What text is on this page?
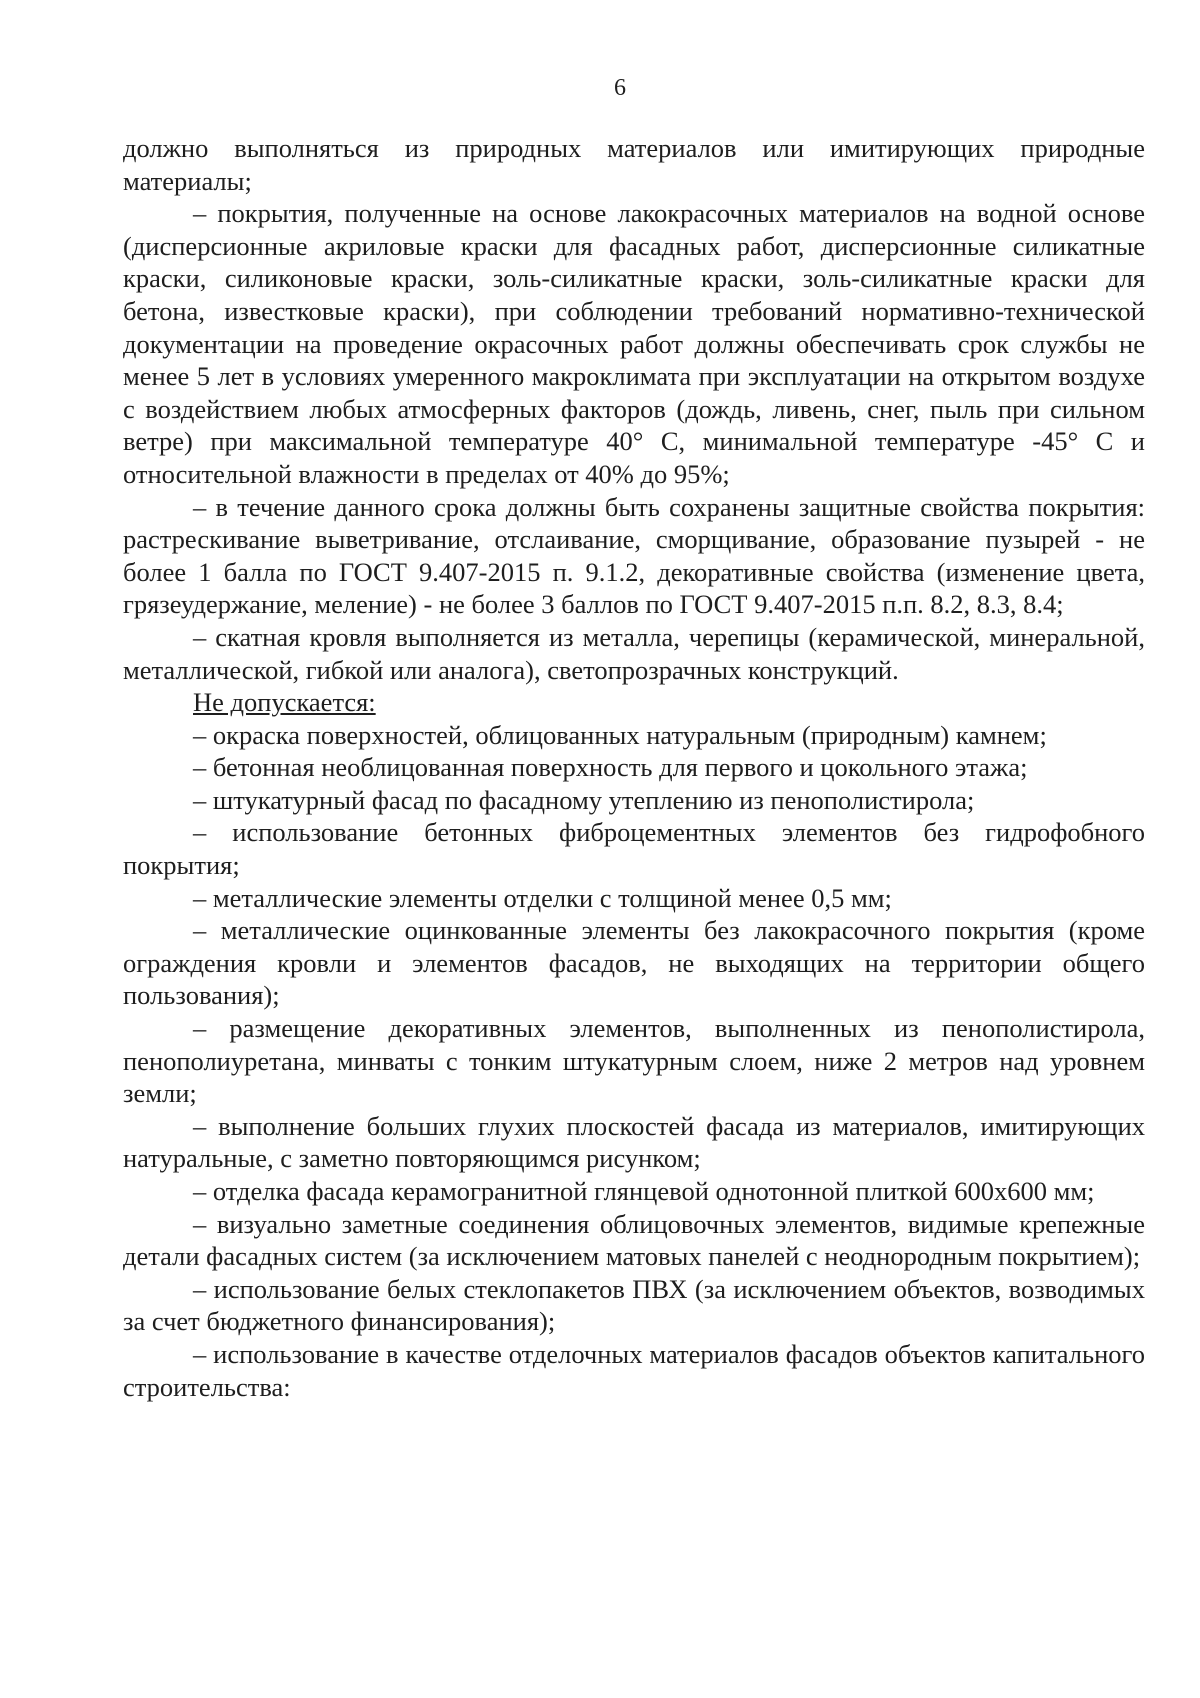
6

должно выполняться из природных материалов или имитирующих природные материалы;

– покрытия, полученные на основе лакокрасочных материалов на водной основе (дисперсионные акриловые краски для фасадных работ, дисперсионные силикатные краски, силиконовые краски, золь-силикатные краски, золь-силикатные краски для бетона, известковые краски), при соблюдении требований нормативно-технической документации на проведение окрасочных работ должны обеспечивать срок службы не менее 5 лет в условиях умеренного макроклимата при эксплуатации на открытом воздухе с воздействием любых атмосферных факторов (дождь, ливень, снег, пыль при сильном ветре) при максимальной температуре 40° С, минимальной температуре -45° С и относительной влажности в пределах от 40% до 95%;

– в течение данного срока должны быть сохранены защитные свойства покрытия: растрескивание выветривание, отслаивание, сморщивание, образование пузырей - не более 1 балла по ГОСТ 9.407-2015 п. 9.1.2, декоративные свойства (изменение цвета, грязеудержание, меление) - не более 3 баллов по ГОСТ 9.407-2015 п.п. 8.2, 8.3, 8.4;

– скатная кровля выполняется из металла, черепицы (керамической, минеральной, металлической, гибкой или аналога), светопрозрачных конструкций.

Не допускается:

– окраска поверхностей, облицованных натуральным (природным) камнем;

– бетонная необлицованная поверхность для первого и цокольного этажа;

– штукатурный фасад по фасадному утеплению из пенополистирола;

– использование бетонных фиброцементных элементов без гидрофобного покрытия;

– металлические элементы отделки с толщиной менее 0,5 мм;

– металлические оцинкованные элементы без лакокрасочного покрытия (кроме ограждения кровли и элементов фасадов, не выходящих на территории общего пользования);

– размещение декоративных элементов, выполненных из пенополистирола, пенополиуретана, минваты с тонким штукатурным слоем, ниже 2 метров над уровнем земли;

– выполнение больших глухих плоскостей фасада из материалов, имитирующих натуральные, с заметно повторяющимся рисунком;

– отделка фасада керамогранитной глянцевой однотонной плиткой 600x600 мм;

– визуально заметные соединения облицовочных элементов, видимые крепежные детали фасадных систем (за исключением матовых панелей с неоднородным покрытием);

– использование белых стеклопакетов ПВХ (за исключением объектов, возводимых за счет бюджетного финансирования);

– использование в качестве отделочных материалов фасадов объектов капитального строительства:
